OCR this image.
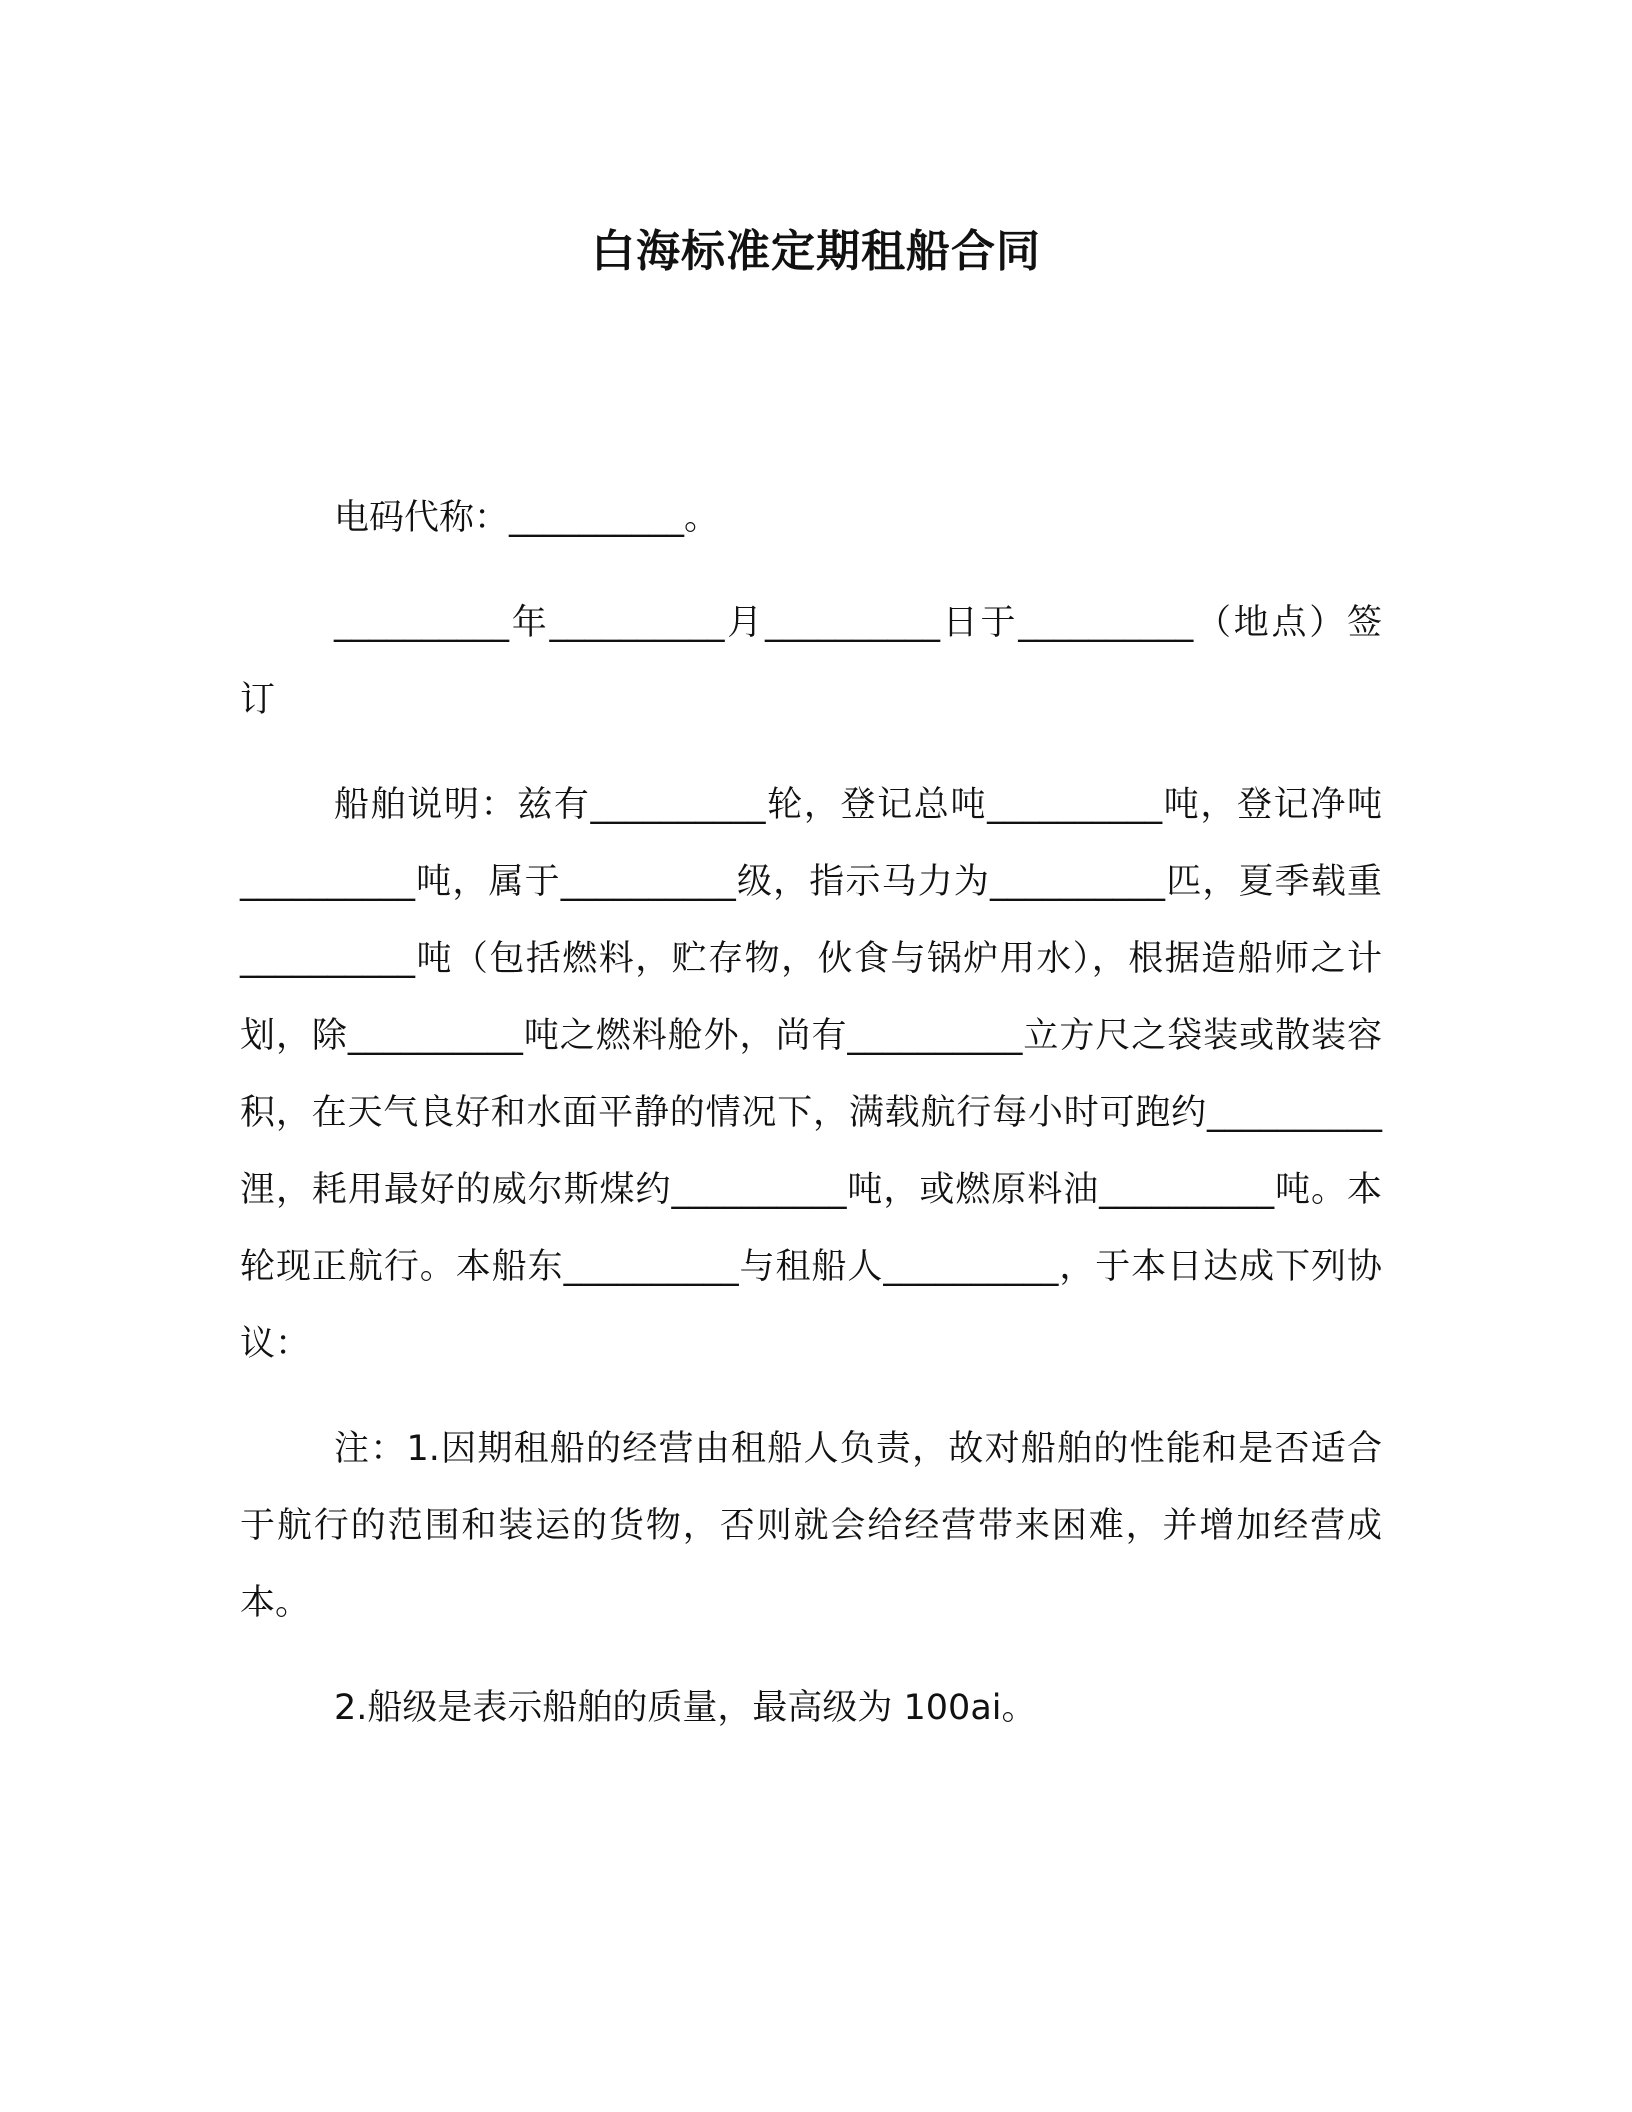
白海标准定期租船合同

电码代称：__________。

__________年__________月__________日于__________（地点）签订

船舶说明：兹有__________轮，登记总吨__________吨，登记净吨__________吨，属于__________级，指示马力为__________匹，夏季载重__________吨（包括燃料，贮存物，伙食与锅炉用水），根据造船师之计划，除__________吨之燃料舱外，尚有__________立方尺之袋装或散装容积，在天气良好和水面平静的情况下，满载航行每小时可跑约__________浬，耗用最好的威尔斯煤约__________吨，或燃原料油__________吨。本轮现正航行。本船东__________与租船人__________，于本日达成下列协议：

注：1.因期租船的经营由租船人负责，故对船舶的性能和是否适合于航行的范围和装运的货物，否则就会给经营带来困难，并增加经营成本。

2.船级是表示船舶的质量，最高级为 100ai。
